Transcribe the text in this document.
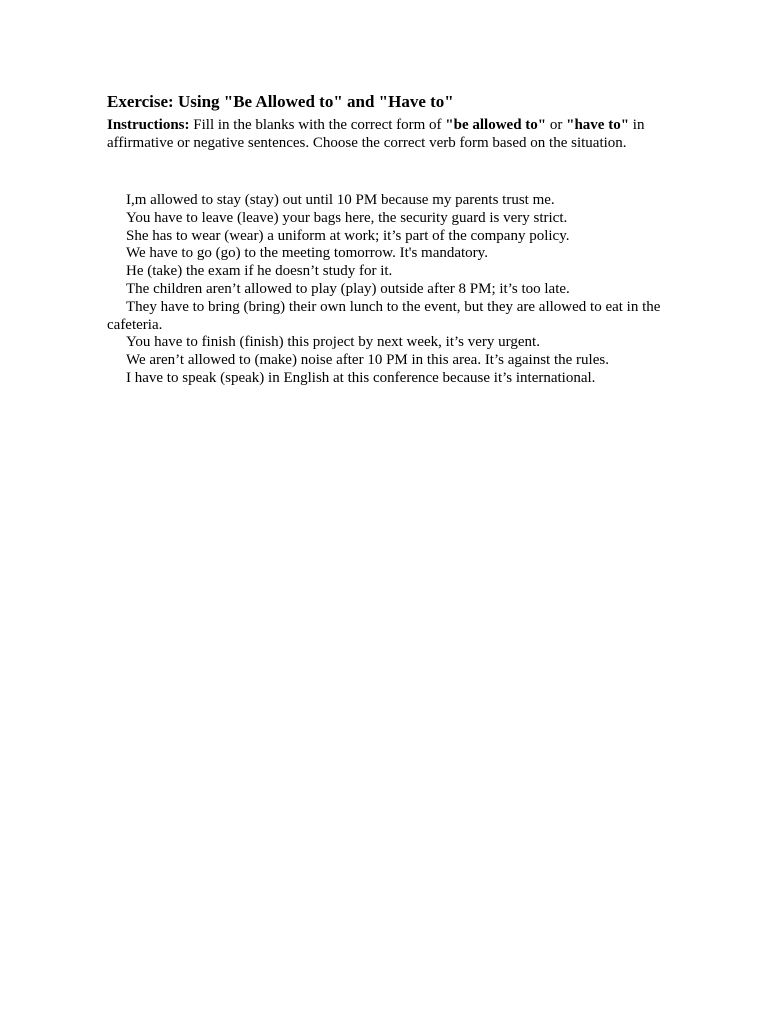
Exercise: Using "Be Allowed to" and "Have to"

Instructions: Fill in the blanks with the correct form of "be allowed to" or "have to" in affirmative or negative sentences. Choose the correct verb form based on the situation.

I,m allowed to stay (stay) out until 10 PM because my parents trust me.

You have to leave (leave) your bags here, the security guard is very strict.

She has to wear (wear) a uniform at work; it’s part of the company policy.

We have to go (go) to the meeting tomorrow. It's mandatory.

He (take) the exam if he doesn’t study for it.

The children aren’t allowed to play (play) outside after 8 PM; it’s too late.

They have to bring (bring) their own lunch to the event, but they are allowed to eat in the cafeteria.

You have to finish (finish) this project by next week, it’s very urgent.

We aren’t allowed to (make) noise after 10 PM in this area. It’s against the rules.

I have to speak (speak) in English at this conference because it’s international.
